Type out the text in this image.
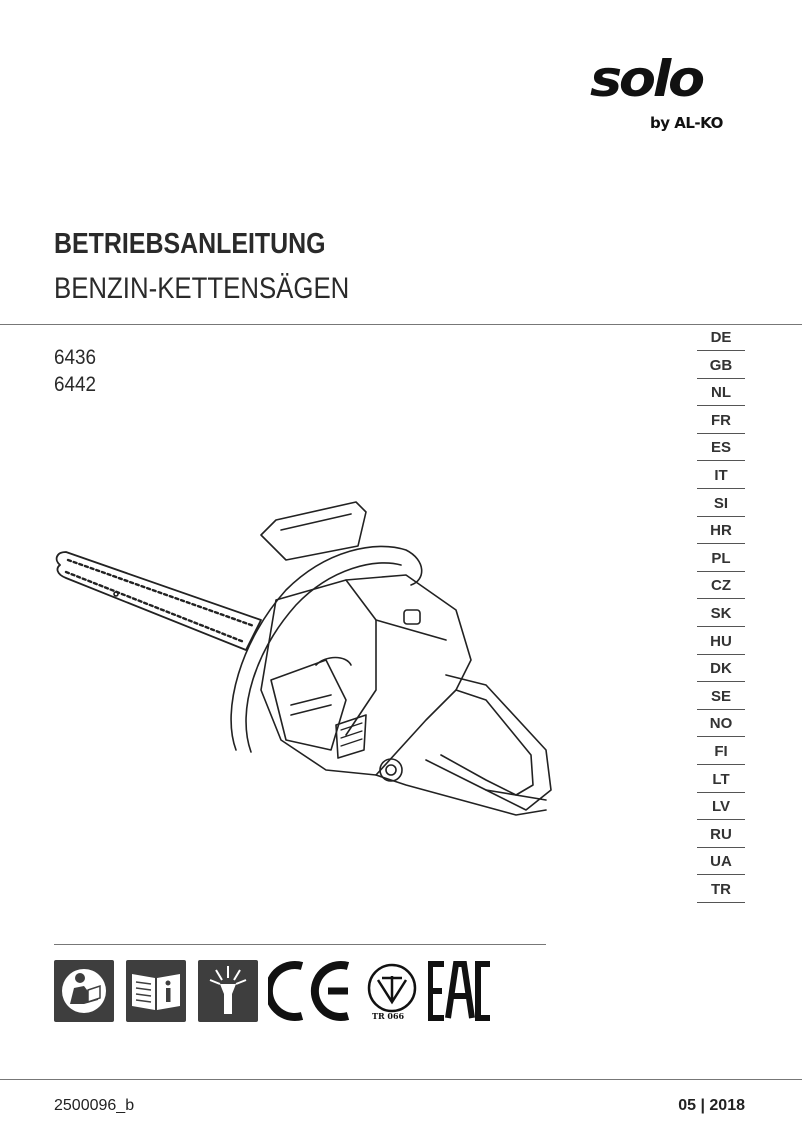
solo
by AL-KO
BETRIEBSANLEITUNG
BENZIN-KETTENSÄGEN
6436
6442
DE
GB
NL
FR
ES
IT
SI
HR
PL
CZ
SK
HU
DK
SE
NO
FI
LT
LV
RU
UA
TR
TR 066
2500096_b	05 | 2018
